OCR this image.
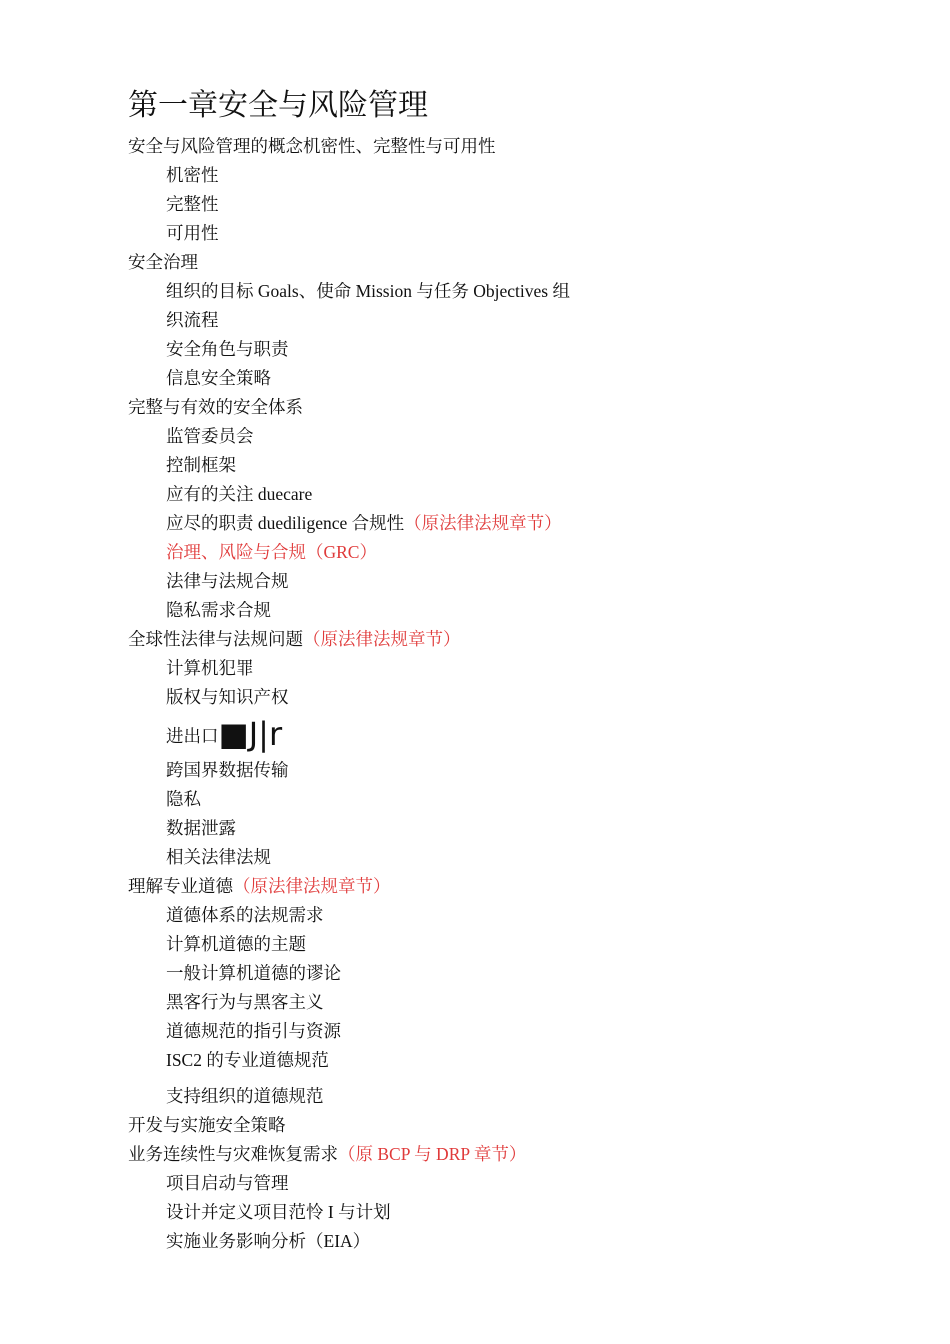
第一章安全与风险管理
安全与风险管理的概念机密性、完整性与可用性
机密性
完整性
可用性
安全治理
组织的目标 Goals、使命 Mission 与任务 Objectives 组
织流程
安全角色与职责
信息安全策略
完整与有效的安全体系
监管委员会
控制框架
应有的关注 duecare
应尽的职责 duediligence 合规性（原法律法规章节）
治理、风险与合规（GRC）
法律与法规合规
隐私需求合规
全球性法律与法规问题（原法律法规章节）
计算机犯罪
版权与知识产权
进出口■J|r
跨国界数据传输
隐私
数据泄露
相关法律法规
理解专业道德（原法律法规章节）
道德体系的法规需求
计算机道德的主题
一般计算机道德的谬论
黑客行为与黑客主义
道德规范的指引与资源
ISC2 的专业道德规范
支持组织的道德规范
开发与实施安全策略
业务连续性与灾难恢复需求（原 BCP 与 DRP 章节）
项目启动与管理
设计并定义项目范怜 I 与计划
实施业务影响分析（EIA）
